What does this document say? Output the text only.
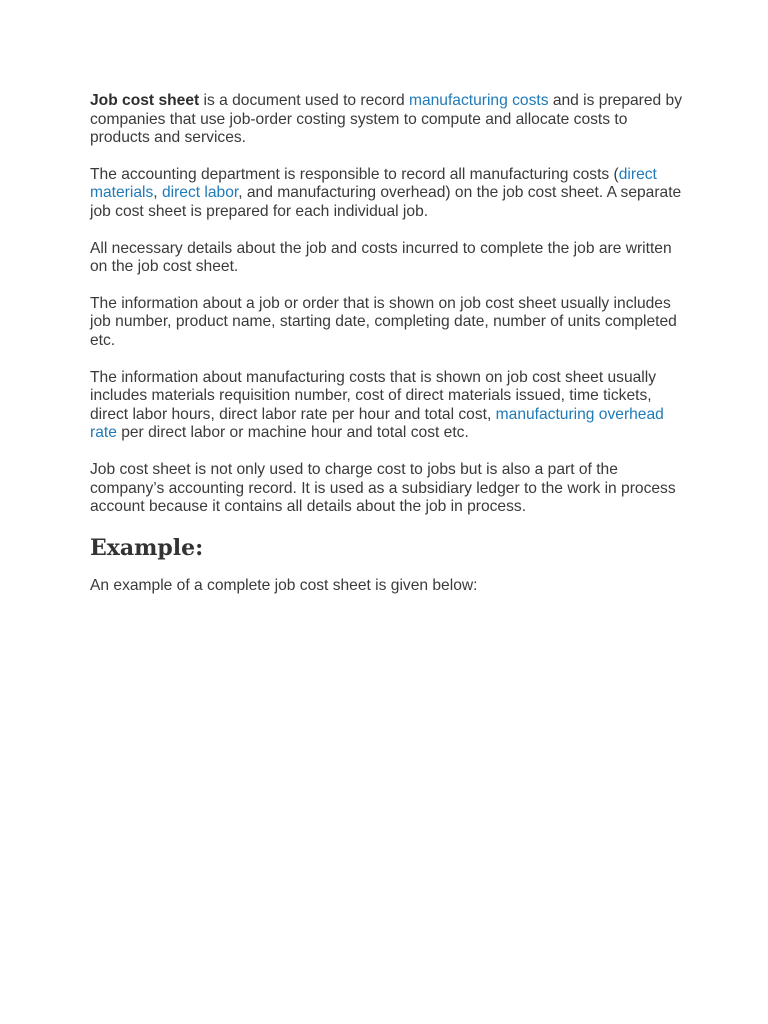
Job cost sheet is a document used to record manufacturing costs and is prepared by companies that use job-order costing system to compute and allocate costs to products and services.

The accounting department is responsible to record all manufacturing costs (direct materials, direct labor, and manufacturing overhead) on the job cost sheet. A separate job cost sheet is prepared for each individual job.

All necessary details about the job and costs incurred to complete the job are written on the job cost sheet.

The information about a job or order that is shown on job cost sheet usually includes job number, product name, starting date, completing date, number of units completed etc.

The information about manufacturing costs that is shown on job cost sheet usually includes materials requisition number, cost of direct materials issued, time tickets, direct labor hours, direct labor rate per hour and total cost, manufacturing overhead rate per direct labor or machine hour and total cost etc.

Job cost sheet is not only used to charge cost to jobs but is also a part of the company’s accounting record. It is used as a subsidiary ledger to the work in process account because it contains all details about the job in process.

Example:

An example of a complete job cost sheet is given below:
